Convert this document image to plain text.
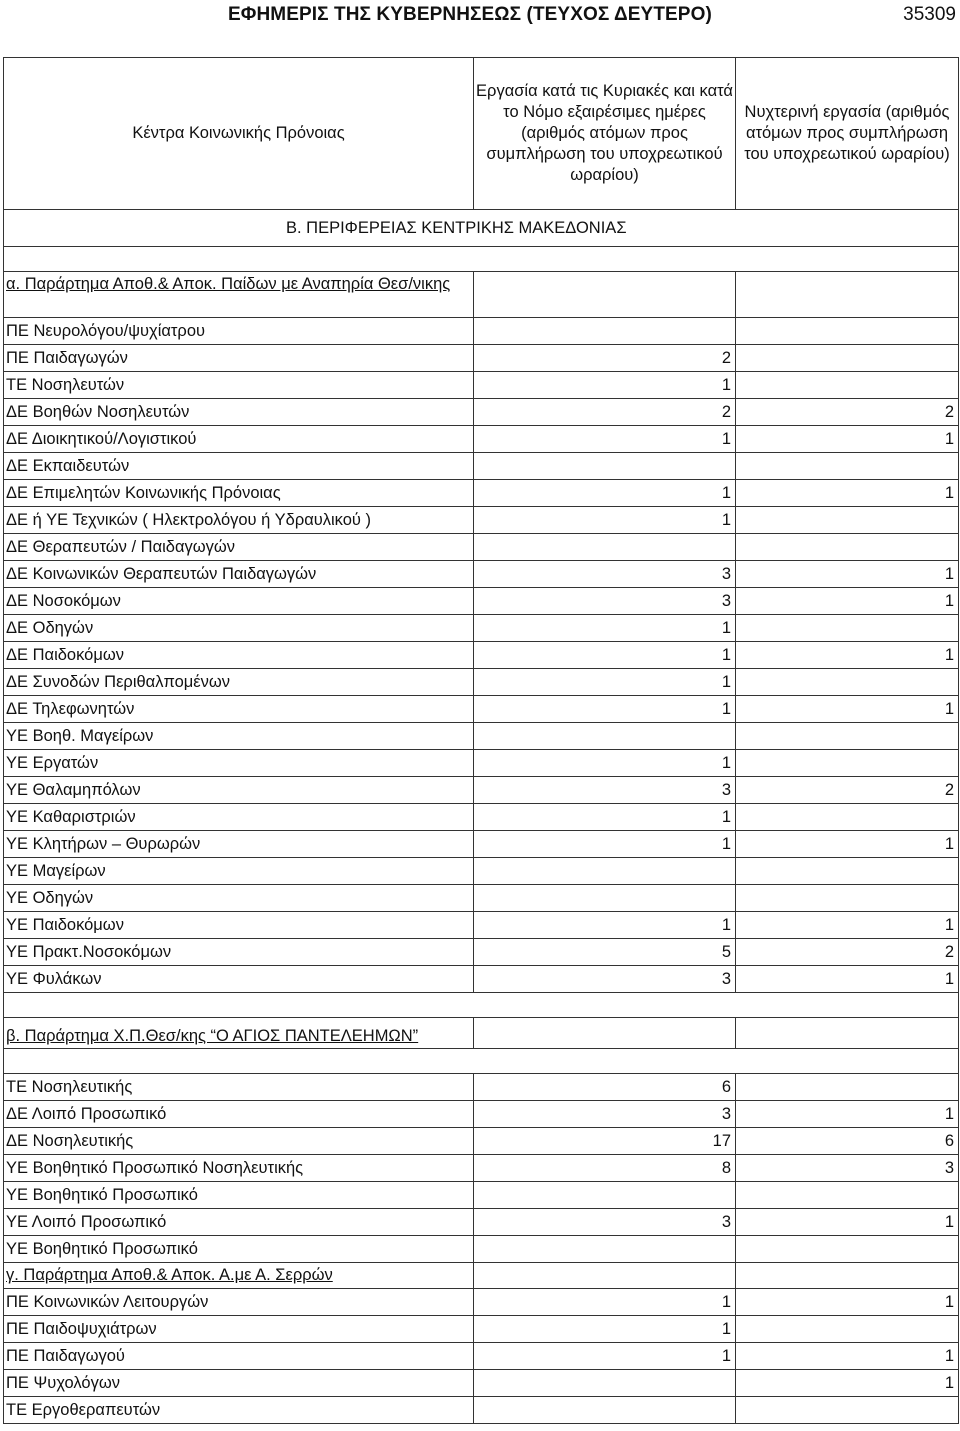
ΕΦΗΜΕΡΙΣ ΤΗΣ ΚΥΒΕΡΝΗΣΕΩΣ (ΤΕΥΧΟΣ ΔΕΥΤΕΡΟ)	35309
Κέντρα Κοινωνικής Πρόνοιας	Εργασία κατά τις Κυριακές και κατά το Νόμο εξαιρέσιμες ημέρες (αριθμός ατόμων προς συμπλήρωση του υποχρεωτικού ωραρίου)	Νυχτερινή εργασία (αριθμός ατόμων προς συμπλήρωση του υποχρεωτικού ωραρίου)
Β. ΠΕΡΙΦΕΡΕΙΑΣ ΚΕΝΤΡΙΚΗΣ ΜΑΚΕΔΟΝΙΑΣ		

α. Παράρτημα Αποθ.& Αποκ. Παίδων με Αναπηρία Θεσ/νικης		
ΠΕ Νευρολόγου/ψυχίατρου		
ΠΕ Παιδαγωγών	2	
ΤΕ Νοσηλευτών	1	
ΔΕ Βοηθών Νοσηλευτών	2	2
ΔΕ Διοικητικού/Λογιστικού	1	1
ΔΕ Εκπαιδευτών		
ΔΕ Επιμελητών Κοινωνικής Πρόνοιας	1	1
ΔΕ ή ΥΕ Τεχνικών ( Ηλεκτρολόγου ή Υδραυλικού )	1	
ΔΕ Θεραπευτών / Παιδαγωγών		
ΔΕ Κοινωνικών Θεραπευτών Παιδαγωγών	3	1
ΔΕ Νοσοκόμων	3	1
ΔΕ Οδηγών	1	
ΔΕ Παιδοκόμων	1	1
ΔΕ Συνοδών Περιθαλπομένων	1	
ΔΕ Τηλεφωνητών	1	1
ΥΕ Βοηθ. Μαγείρων		
ΥΕ Εργατών	1	
ΥΕ Θαλαμηπόλων	3	2
ΥΕ Καθαριστριών	1	
ΥΕ Κλητήρων – Θυρωρών	1	1
ΥΕ Μαγείρων		
ΥΕ Οδηγών		
ΥΕ Παιδοκόμων	1	1
ΥΕ Πρακτ.Νοσοκόμων	5	2
ΥΕ Φυλάκων	3	1

β. Παράρτημα Χ.Π.Θεσ/κης “Ο ΑΓΙΟΣ ΠΑΝΤΕΛΕΗΜΩΝ”		

ΤΕ Νοσηλευτικής	6	
ΔΕ Λοιπό Προσωπικό	3	1
ΔΕ Νοσηλευτικής	17	6
ΥΕ Βοηθητικό Προσωπικό Νοσηλευτικής	8	3
ΥΕ Βοηθητικό Προσωπικό		
ΥΕ Λοιπό Προσωπικό	3	1
ΥΕ Βοηθητικό Προσωπικό		
γ. Παράρτημα Αποθ.& Αποκ. Α.με Α. Σερρών		
ΠΕ Κοινωνικών Λειτουργών	1	1
ΠΕ Παιδοψυχιάτρων	1	
ΠΕ Παιδαγωγού	1	1
ΠΕ Ψυχολόγων		1
ΤΕ Εργοθεραπευτών		
